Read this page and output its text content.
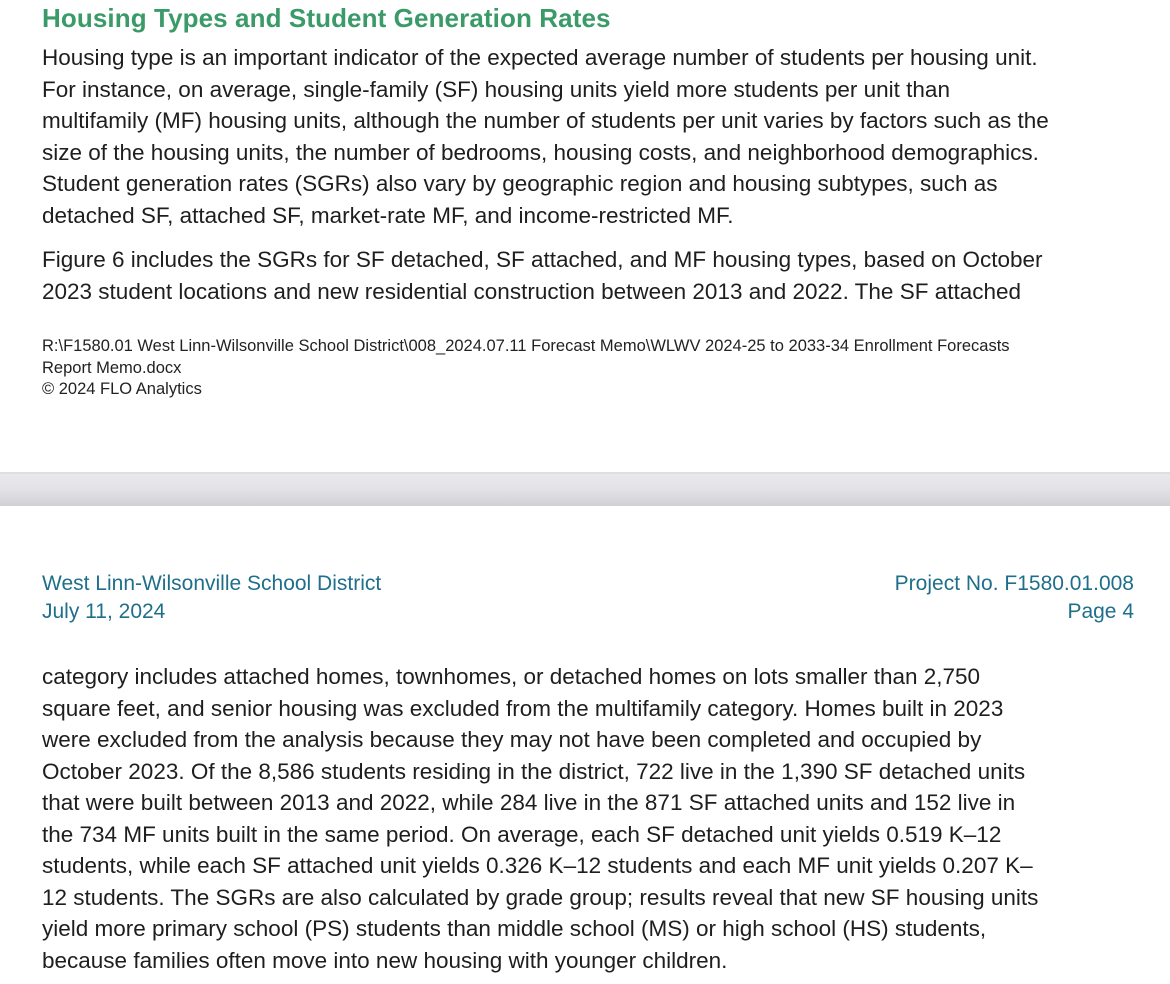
Housing Types and Student Generation Rates

Housing type is an important indicator of the expected average number of students per housing unit.
For instance, on average, single-family (SF) housing units yield more students per unit than
multifamily (MF) housing units, although the number of students per unit varies by factors such as the
size of the housing units, the number of bedrooms, housing costs, and neighborhood demographics.
Student generation rates (SGRs) also vary by geographic region and housing subtypes, such as
detached SF, attached SF, market-rate MF, and income-restricted MF.

Figure 6 includes the SGRs for SF detached, SF attached, and MF housing types, based on October
2023 student locations and new residential construction between 2013 and 2022. The SF attached

R:\F1580.01 West Linn-Wilsonville School District\008_2024.07.11 Forecast Memo\WLWV 2024-25 to 2033-34 Enrollment Forecasts
Report Memo.docx
© 2024 FLO Analytics
West Linn-Wilsonville School District
July 11, 2024
Project No. F1580.01.008
Page 4

category includes attached homes, townhomes, or detached homes on lots smaller than 2,750
square feet, and senior housing was excluded from the multifamily category. Homes built in 2023
were excluded from the analysis because they may not have been completed and occupied by
October 2023. Of the 8,586 students residing in the district, 722 live in the 1,390 SF detached units
that were built between 2013 and 2022, while 284 live in the 871 SF attached units and 152 live in
the 734 MF units built in the same period. On average, each SF detached unit yields 0.519 K–12
students, while each SF attached unit yields 0.326 K–12 students and each MF unit yields 0.207 K–
12 students. The SGRs are also calculated by grade group; results reveal that new SF housing units
yield more primary school (PS) students than middle school (MS) or high school (HS) students,
because families often move into new housing with younger children.
